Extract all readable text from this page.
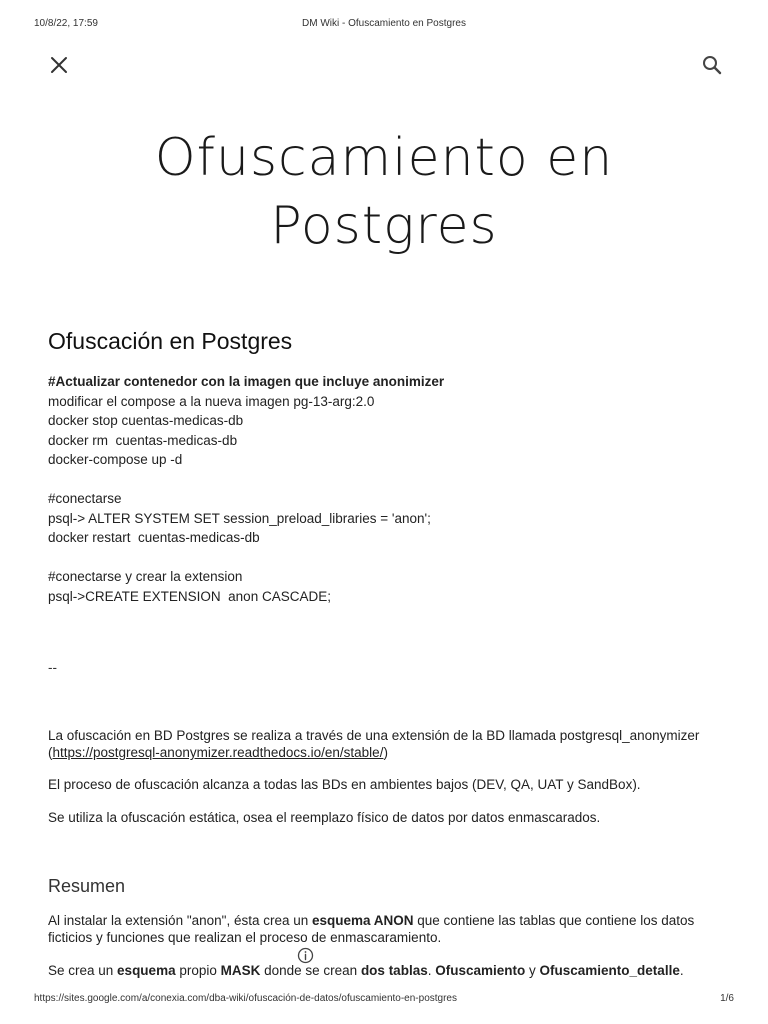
10/8/22, 17:59	DM Wiki - Ofuscamiento en Postgres
Ofuscamiento en
Postgres
Ofuscación en Postgres
#Actualizar contenedor con la imagen que incluye anonimizer
modificar el compose a la nueva imagen pg-13-arg:2.0
docker stop cuentas-medicas-db
docker rm  cuentas-medicas-db
docker-compose up -d
#conectarse
psql-> ALTER SYSTEM SET session_preload_libraries = 'anon';
docker restart  cuentas-medicas-db
#conectarse y crear la extension
psql->CREATE EXTENSION  anon CASCADE;
--

La ofuscación en BD Postgres se realiza a través de una extensión de la BD llamada postgresql_anonymizer
(https://postgresql-anonymizer.readthedocs.io/en/stable/)

El proceso de ofuscación alcanza a todas las BDs en ambientes bajos (DEV, QA, UAT y SandBox).

Se utiliza la ofuscación estática, osea el reemplazo físico de datos por datos enmascarados.

Resumen

Al instalar la extensión "anon", ésta crea un esquema ANON que contiene las tablas que contiene los datos ficticios y funciones que realizan el proceso de enmascaramiento.

Se crea un esquema propio MASK donde se crean dos tablas. Ofuscamiento y Ofuscamiento_detalle.

https://sites.google.com/a/conexia.com/dba-wiki/ofuscación-de-datos/ofuscamiento-en-postgres	1/6
